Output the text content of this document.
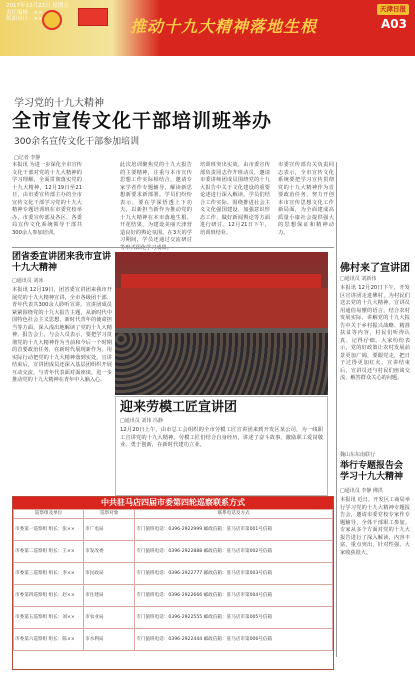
2017年12月22日 星期五
责任编辑：××
版面设计：××	推动十九大精神落地生根
天津日报
A03
学习党的十九大精神
全市宣传文化干部培训班举办
300余名宣传文化干部参加培训
□记者 李静
本报讯 为进一步深化全市宣传文化干部对党的十九大精神的学习理解，全面贯彻落实党的十九大精神，12月19日至21日，由市委宣传部主办的全市宣传文化干部学习党的十九大精神专题培训班在市委党校举办，市委宣传部及各区、各委局宣传文化系统领导干部共300余人参加培训。
此次培训聚焦党的十九大报告的主要精神，注重与本市宣传思想工作实际相结合，邀请专家学者作专题辅导，解读新思想新要求新部署。学员们纷纷表示，要在学深悟透上下功夫，以新担当新作为推动党的十九大精神在本市落地生根、开花结果，为建设美丽天津营造良好的舆论氛围。在3天的学习期间，学员还通过交流研讨
培训班突出实效，由市委宣传部负责同志作开班动员，邀请市委讲师团成员围绕党的十九大报告中关于文化建设的重要论述进行深入解读。学员们结合工作实际，围绕推进社会主义文化强国建设、加强意识形态工作、做好新闻舆论等方面进行研讨。12月21日下午，培训班结业。
市委宣传部有关负责同志表示，全市宣传文化系统要把学习宣传贯彻党的十九大精神作为首要政治任务，努力开创本市宣传思想文化工作新局面，为全面建成高质量小康社会提供强大的思想保证和精神动力。
团省委宣讲团来我市宣讲十九大精神
□通讯员 刘冰
本报讯 12月19日，团省委宣讲团来我市开展党的十九大精神宣讲，全市各级团干部、青年代表共300余人聆听宣讲。宣讲团成员紧紧围绕党的十九大报告主题，从新时代中国特色社会主义思想、新时代青年的使命担当等方面，深入浅出地解读了党的十九大精神。报告会上，与会人员表示，要把学习贯彻党的十九大精神作为当前和今后一个时期的首要政治任务，在新时代展现新作为，用实际行动把党的十九大精神落到实处。宣讲结束后，宣讲团成员还深入基层团组织开展互动交流，与青年代表面对面座谈，进一步推动党的十九大精神在青年中入脑入心。
迎来劳模工匠宣讲团
□通讯员 刘伟 冯静
12月20日上午，由市总工会组织的全市劳模工匠宣讲团来到开发区某公司，为一线职工宣讲党的十九大精神。劳模工匠们结合自身经历，讲述了奋斗故事，激励职工爱岗敬业、勇于创新，在新时代建功立业。
佛村来了宣讲团
□通讯员 刘新伟
本报讯 12月20日下午，开发区宣讲团走进佛村，为村民们送去党的十九大精神。宣讲员用通俗易懂的语言，结合农村发展实际，讲解党的十九大报告中关于乡村振兴战略、精准扶贫等内容，村民们听得认真、记得仔细。大家纷纷表示，党的好政策让农村发展前景更加广阔，要跟党走，把日子过得更加红火。宣讲结束后，宣讲员还与村民们座谈交流，解答群众关心的问题。
魏山东东南联行
举行专题报告会学习十九大精神
□通讯员 李静 佛洪
本报讯 近日，开发区工商局举行学习党的十九大精神专题报告会，邀请市委党校专家作专题辅导，全体干部职工参加。专家从多个方面对党的十九大报告进行了深入解读，内容丰富，重点突出，针对性强，大家收获很大。
中共驻马店四届市委第四轮巡察联系方式
巡察组及单位	巡察对象	联系电话及方式
市委第一巡察组 组长：张××	市广电局	专门值班电话：0396-2922999 邮政信箱：驻马店市第001号信箱
市委第二巡察组 组长：王××	市发改委	专门值班电话：0396-2922888 邮政信箱：驻马店市第002号信箱
市委第三巡察组 组长：李××	市民政局	专门值班电话：0396-2922777 邮政信箱：驻马店市第003号信箱
市委第四巡察组 组长：赵××	市住建局	专门值班电话：0396-2922666 邮政信箱：驻马店市第004号信箱
市委第五巡察组 组长：刘××	市农业局	专门值班电话：0396-2922555 邮政信箱：驻马店市第005号信箱
市委第六巡察组 组长：陈××	市水利局	专门值班电话：0396-2922444 邮政信箱：驻马店市第006号信箱
